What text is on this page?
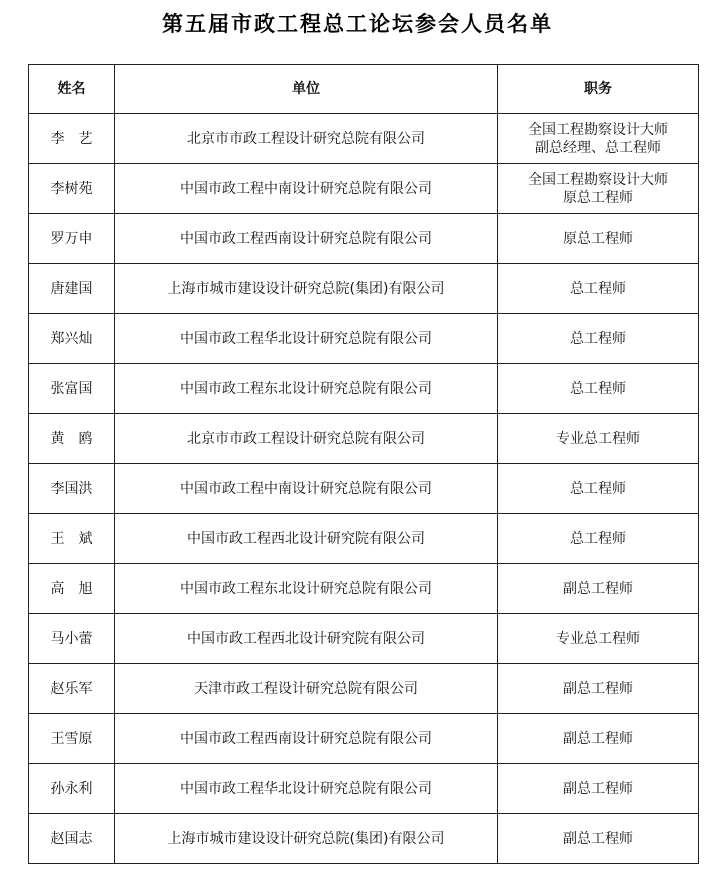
第五届市政工程总工论坛参会人员名单
姓名	单位	职务
李　艺	北京市市政工程设计研究总院有限公司	全国工程勘察设计大师
副总经理、总工程师

李树苑	中国市政工程中南设计研究总院有限公司	全国工程勘察设计大师
原总工程师

罗万申	中国市政工程西南设计研究总院有限公司	原总工程师

唐建国	上海市城市建设设计研究总院(集团)有限公司	总工程师

郑兴灿	中国市政工程华北设计研究总院有限公司	总工程师

张富国	中国市政工程东北设计研究总院有限公司	总工程师

黄　鸥	北京市市政工程设计研究总院有限公司	专业总工程师

李国洪	中国市政工程中南设计研究总院有限公司	总工程师

王　斌	中国市政工程西北设计研究院有限公司	总工程师

高　旭	中国市政工程东北设计研究总院有限公司	副总工程师

马小蕾	中国市政工程西北设计研究院有限公司	专业总工程师

赵乐军	天津市政工程设计研究总院有限公司	副总工程师

王雪原	中国市政工程西南设计研究总院有限公司	副总工程师

孙永利	中国市政工程华北设计研究总院有限公司	副总工程师

赵国志	上海市城市建设设计研究总院(集团)有限公司	副总工程师
